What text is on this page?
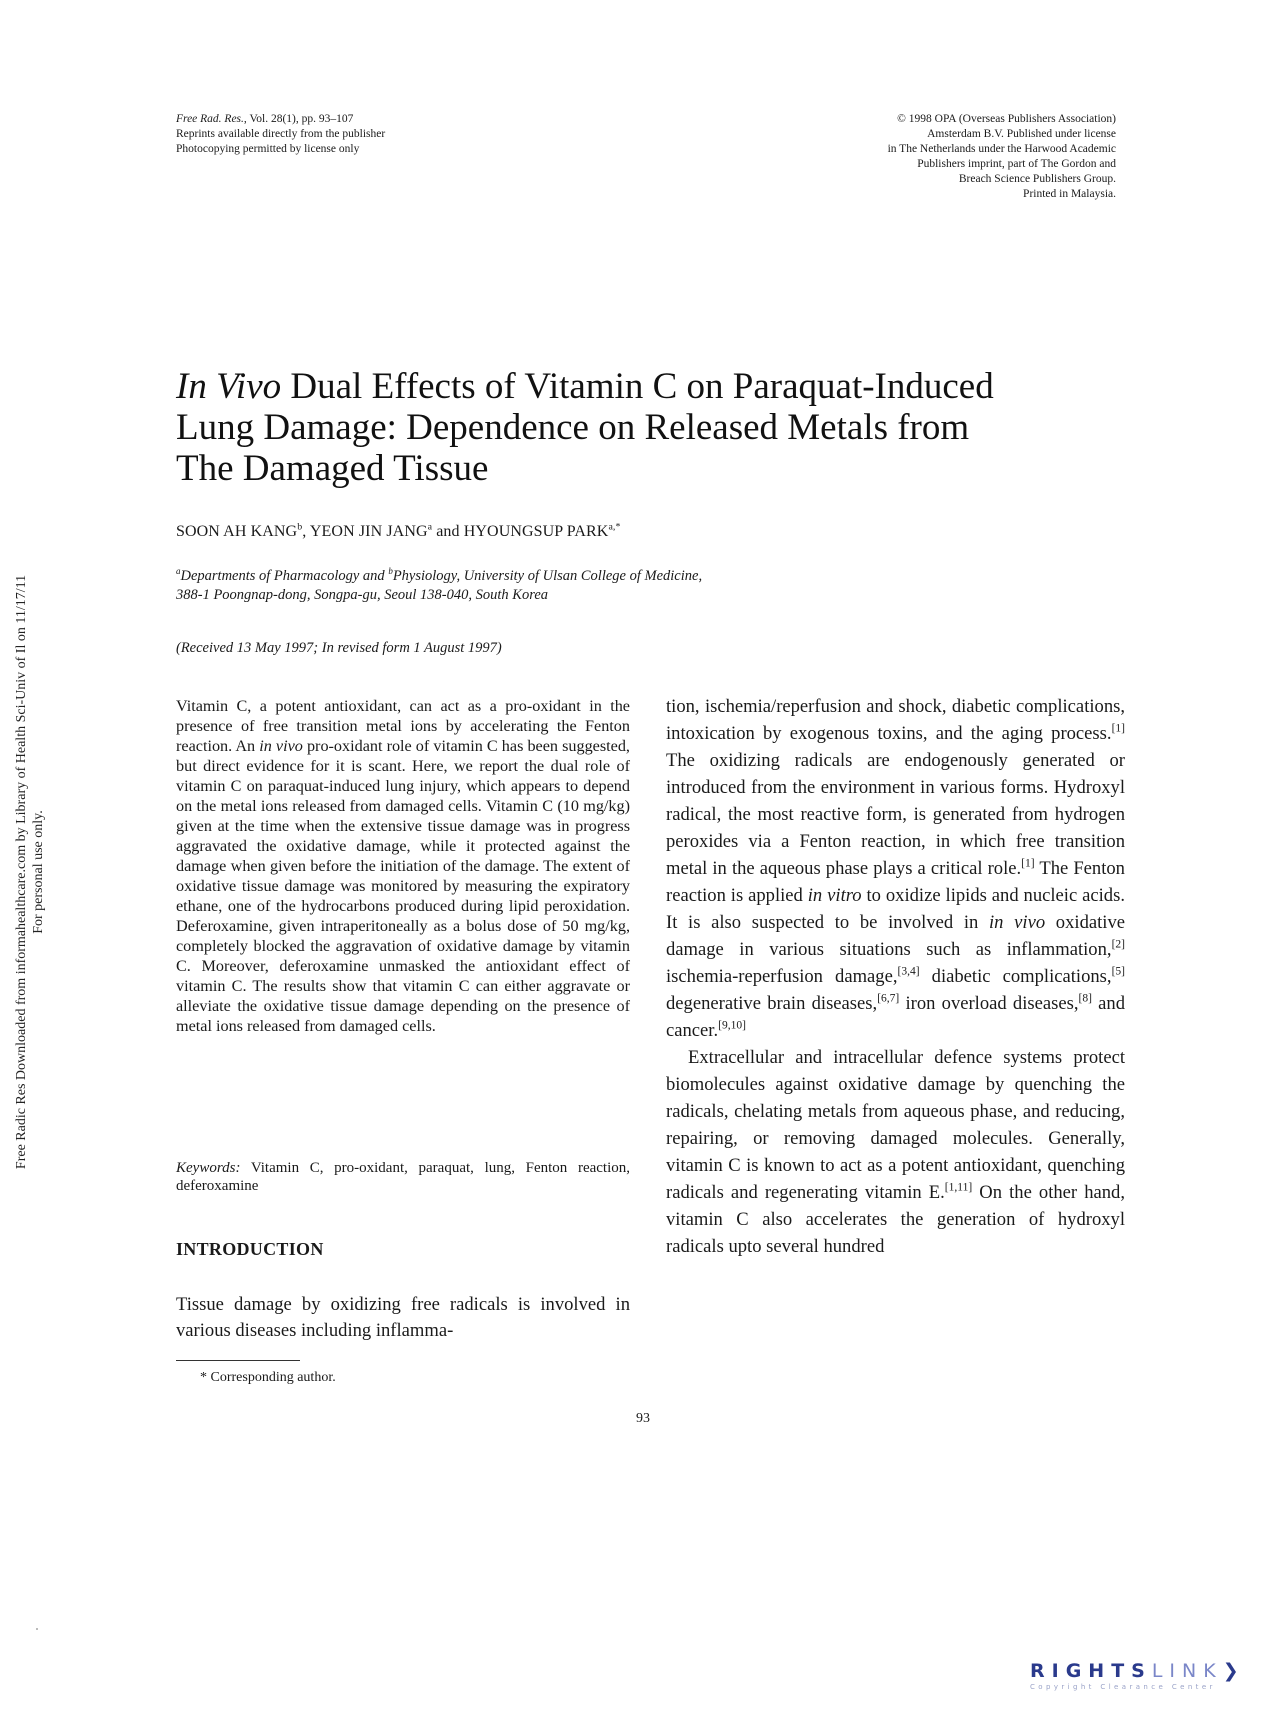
Free Rad. Res., Vol. 28(1), pp. 93–107
Reprints available directly from the publisher
Photocopying permitted by license only
© 1998 OPA (Overseas Publishers Association)
Amsterdam B.V. Published under license
in The Netherlands under the Harwood Academic
Publishers imprint, part of The Gordon and
Breach Science Publishers Group.
Printed in Malaysia.
In Vivo Dual Effects of Vitamin C on Paraquat-Induced
Lung Damage: Dependence on Released Metals from
The Damaged Tissue
SOON AH KANG$^b$, YEON JIN JANG$^a$ and HYOUNGSUP $PARK^{a,*}$
$^a$Departments of Pharmacology and $^b$Physiology, University of Ulsan College of Medicine,
388-1 Poongnap-dong, Songpa-gu, Seoul 138-040, South Korea
(Received 13 May 1997; In revised form 1 August 1997)

Vitamin C, a potent antioxidant, can act as a pro-oxidant in the presence of free transition metal ions by accelerating the Fenton reaction. An in vivo pro-oxidant role of vitamin C has been suggested, but direct evidence for it is scant. Here, we report the dual role of vitamin C on paraquat-induced lung injury, which appears to depend on the metal ions released from damaged cells. Vitamin C (10 mg/kg) given at the time when the extensive tissue damage was in progress aggravated the oxidative damage, while it protected against the damage when given before the initiation of the damage. The extent of oxidative tissue damage was monitored by measuring the expiratory ethane, one of the hydrocarbons produced during lipid peroxidation. Deferoxamine, given intraperitoneally as a bolus dose of 50 mg/kg, completely blocked the aggravation of oxidative damage by vitamin C. Moreover, deferoxamine unmasked the antioxidant effect of vitamin C. The results show that vitamin C can either aggravate or alleviate the oxidative tissue damage depending on the presence of metal ions released from damaged cells.

Keywords: Vitamin C, pro-oxidant, paraquat, lung, Fenton reaction, deferoxamine
INTRODUCTION
Tissue damage by oxidizing free radicals is involved in various diseases including inflamma-
* Corresponding author.

tion, ischemia/reperfusion and shock, diabetic complications, intoxication by exogenous toxins, and the aging process.[1] The oxidizing radicals are endogenously generated or introduced from the environment in various forms. Hydroxyl radical, the most reactive form, is generated from hydrogen peroxides via a Fenton reaction, in which free transition metal in the aqueous phase plays a critical role.[1] The Fenton reaction is applied in vitro to oxidize lipids and nucleic acids. It is also suspected to be involved in in vivo oxidative damage in various situations such as inflammation,[2] ischemia-reperfusion damage,[3,4] diabetic complications,[5] degenerative brain diseases,[6,7] iron overload diseases,[8] and cancer.[9,10]

Extracellular and intracellular defence systems protect biomolecules against oxidative damage by quenching the radicals, chelating metals from aqueous phase, and reducing, repairing, or removing damaged molecules. Generally, vitamin C is known to act as a potent antioxidant, quenching radicals and regenerating vitamin E.[1,11] On the other hand, vitamin C also accelerates the generation of hydroxyl radicals upto several hundred

93
Free Radic Res Downloaded from informahealthcare.com by Library of Health Sci-Univ of Il on 11/17/11 For personal use only.
RIGHTSLINK❯
Copyright Clearance Center
